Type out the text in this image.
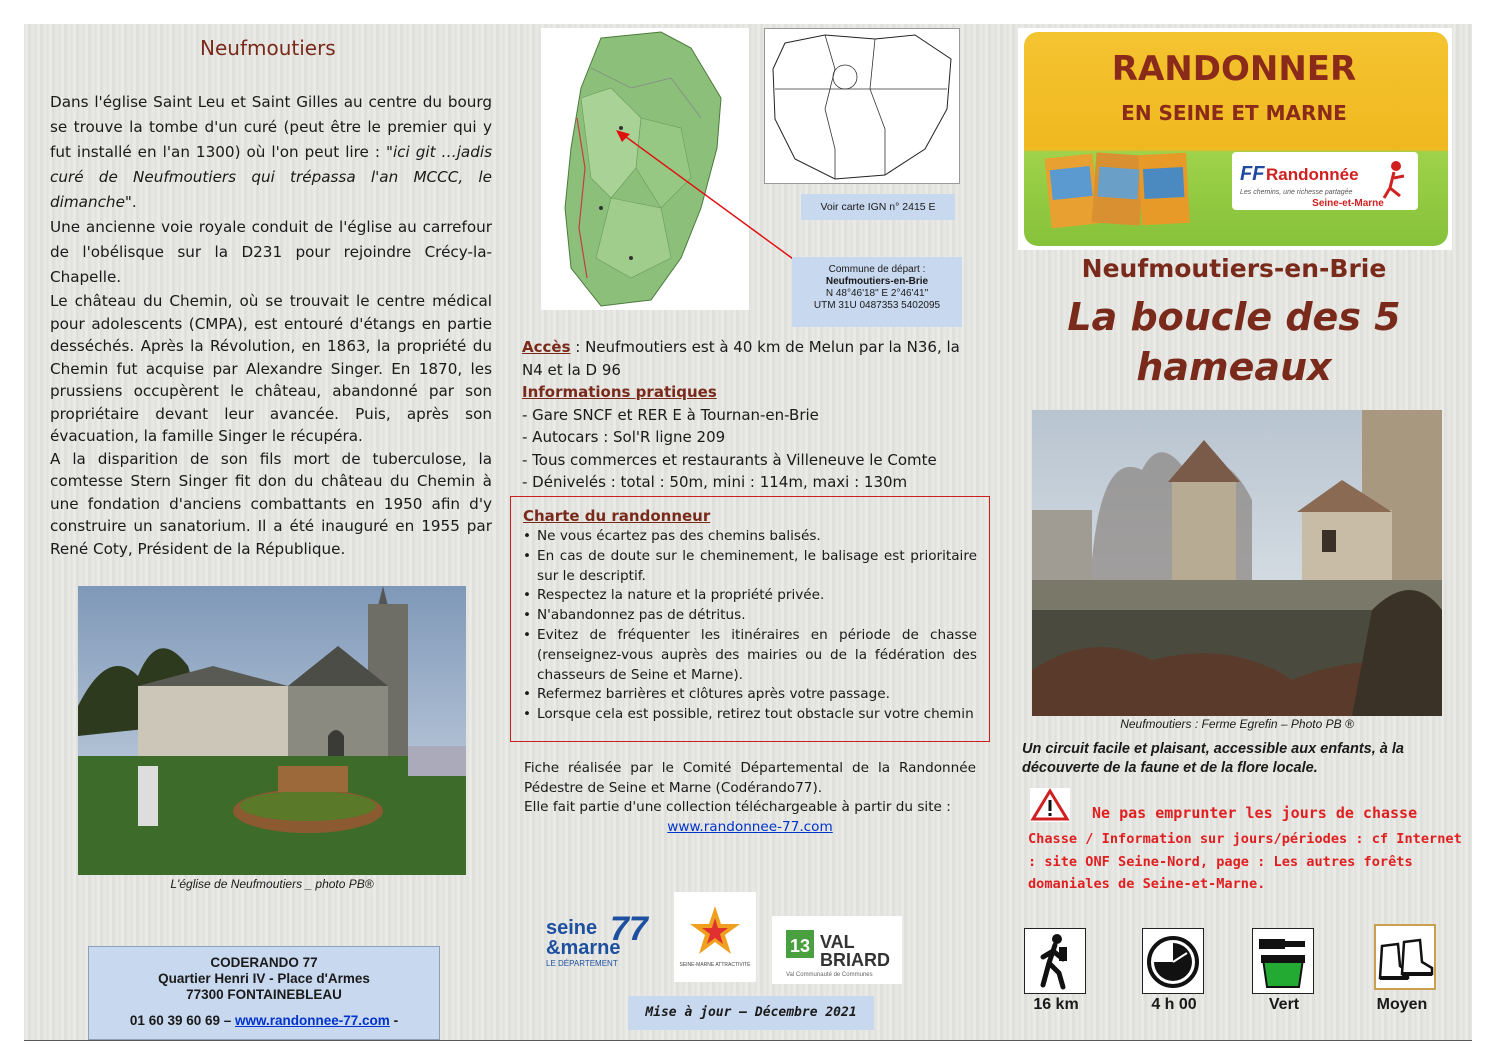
Neufmoutiers

Dans l'église Saint Leu et Saint Gilles au centre du bourg se trouve la tombe d'un curé (peut être le premier qui y fut installé en l'an 1300) où l'on peut lire : "ici git …jadis curé de Neufmoutiers qui trépassa l'an MCCC, le dimanche".

Une ancienne voie royale conduit de l'église au carrefour de l'obélisque sur la D231 pour rejoindre Crécy-la-Chapelle.

Le château du Chemin, où se trouvait le centre médical pour adolescents (CMPA), est entouré d'étangs en partie desséchés. Après la Révolution, en 1863, la propriété du Chemin fut acquise par Alexandre Singer. En 1870, les prussiens occupèrent le château, abandonné par son propriétaire devant leur avancée. Puis, après son évacuation, la famille Singer le récupéra.

A la disparition de son fils mort de tuberculose, la comtesse Stern Singer fit don du château du Chemin à une fondation d'anciens combattants en 1950 afin d'y construire un sanatorium. Il a été inauguré en 1955 par René Coty, Président de la République.

L'église de Neufmoutiers _ photo PB®
CODERANDO 77
Quartier Henri IV - Place d'Armes
77300 FONTAINEBLEAU
01 60 39 60 69 – www.randonnee-77.com -
Voir carte IGN n° 2415 E
Commune de départ :
Neufmoutiers-en-Brie
N 48°46'18" E 2°46'41"
UTM 31U 0487353 5402095
Accès : Neufmoutiers est à 40 km de Melun par la N36, la N4 et la D 96
Informations pratiques
- Gare SNCF et RER E à Tournan-en-Brie
- Autocars : Sol'R ligne 209
- Tous commerces et restaurants à Villeneuve le Comte
- Dénivelés : total : 50m, mini : 114m, maxi : 130m
Charte du randonneur
• Ne vous écartez pas des chemins balisés.
• En cas de doute sur le cheminement, le balisage est prioritaire sur le descriptif.
• Respectez la nature et la propriété privée.
• N'abandonnez pas de détritus.
• Evitez de fréquenter les itinéraires en période de chasse (renseignez-vous auprès des mairies ou de la fédération des chasseurs de Seine et Marne).
• Refermez barrières et clôtures après votre passage.
• Lorsque cela est possible, retirez tout obstacle sur votre chemin
Fiche réalisée par le Comité Départemental de la Randonnée Pédestre de Seine et Marne (Codérando77).
Elle fait partie d'une collection téléchargeable à partir du site :
www.randonnee-77.com
seine
&marne
LE DÉPARTEMENT
77
SEINE-MARNE ATTRACTIVITÉ
13 VAL
BRIARD
Val Communauté de Communes
Mise à jour – Décembre 2021
RANDONNER
EN SEINE ET MARNE
FF Randonnée
Les chemins, une richesse partagée
Seine-et-Marne
Neufmoutiers-en-Brie
La boucle des 5 hameaux
Neufmoutiers : Ferme Egrefin – Photo PB ®
Un circuit facile et plaisant, accessible aux enfants, à la découverte de la faune et de la flore locale.
Ne pas emprunter les jours de chasse
Chasse / Information sur jours/périodes : cf Internet : site ONF Seine-Nord, page : Les autres forêts domaniales de Seine-et-Marne.
16 km	4 h 00	Vert	Moyen
